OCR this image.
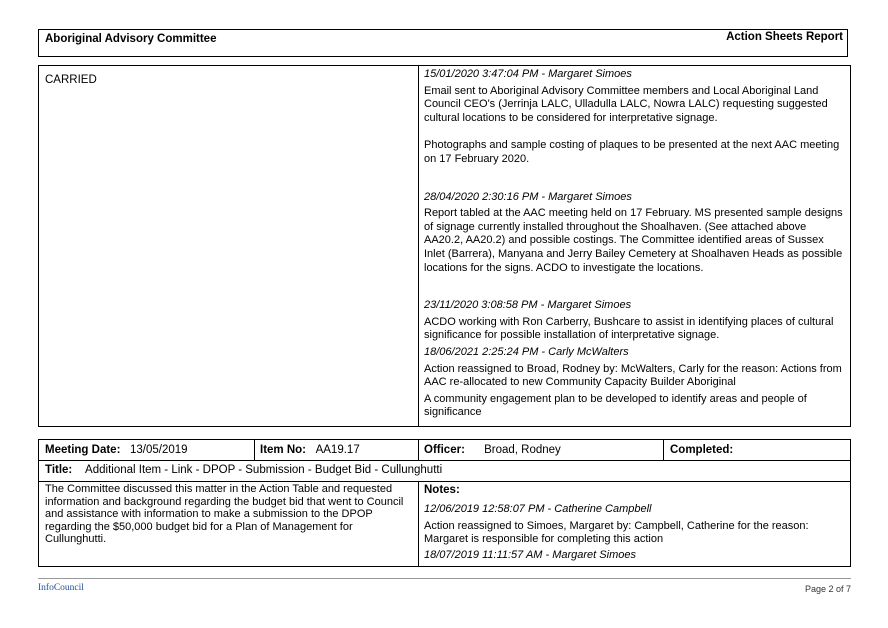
Aboriginal Advisory Committee	Action Sheets Report
CARRIED	15/01/2020 3:47:04 PM - Margaret Simoes

Email sent to Aboriginal Advisory Committee members and Local Aboriginal Land Council CEO's (Jerrinja LALC, Ulladulla LALC, Nowra LALC) requesting suggested cultural locations to be considered for interpretative signage.

Photographs and sample costing of plaques to be presented at the next AAC meeting on 17 February 2020.

28/04/2020 2:30:16 PM - Margaret Simoes

Report tabled at the AAC meeting held on 17 February. MS presented sample designs of signage currently installed throughout the Shoalhaven. (See attached above AA20.2, AA20.2) and possible costings. The Committee identified areas of Sussex Inlet (Barrera), Manyana and Jerry Bailey Cemetery at Shoalhaven Heads as possible locations for the signs. ACDO to investigate the locations.

23/11/2020 3:08:58 PM - Margaret Simoes

ACDO working with Ron Carberry, Bushcare to assist in identifying places of cultural significance for possible installation of interpretative signage.

18/06/2021 2:25:24 PM - Carly McWalters

Action reassigned to Broad, Rodney by: McWalters, Carly for the reason: Actions from AAC re-allocated to new Community Capacity Builder Aboriginal

A community engagement plan to be developed to identify areas and people of significance

Meeting Date: 13/05/2019	Item No: AA19.17	Officer: Broad, Rodney	Completed:
Title: Additional Item - Link - DPOP - Submission - Budget Bid - Cullunghutti
The Committee discussed this matter in the Action Table and requested information and background regarding the budget bid that went to Council and assistance with information to make a submission to the DPOP regarding the $50,000 budget bid for a Plan of Management for Cullunghutti.
Notes:
12/06/2019 12:58:07 PM - Catherine Campbell
Action reassigned to Simoes, Margaret by: Campbell, Catherine for the reason: Margaret is responsible for completing this action
18/07/2019 11:11:57 AM - Margaret Simoes
InfoCouncil	Page 2 of 7
